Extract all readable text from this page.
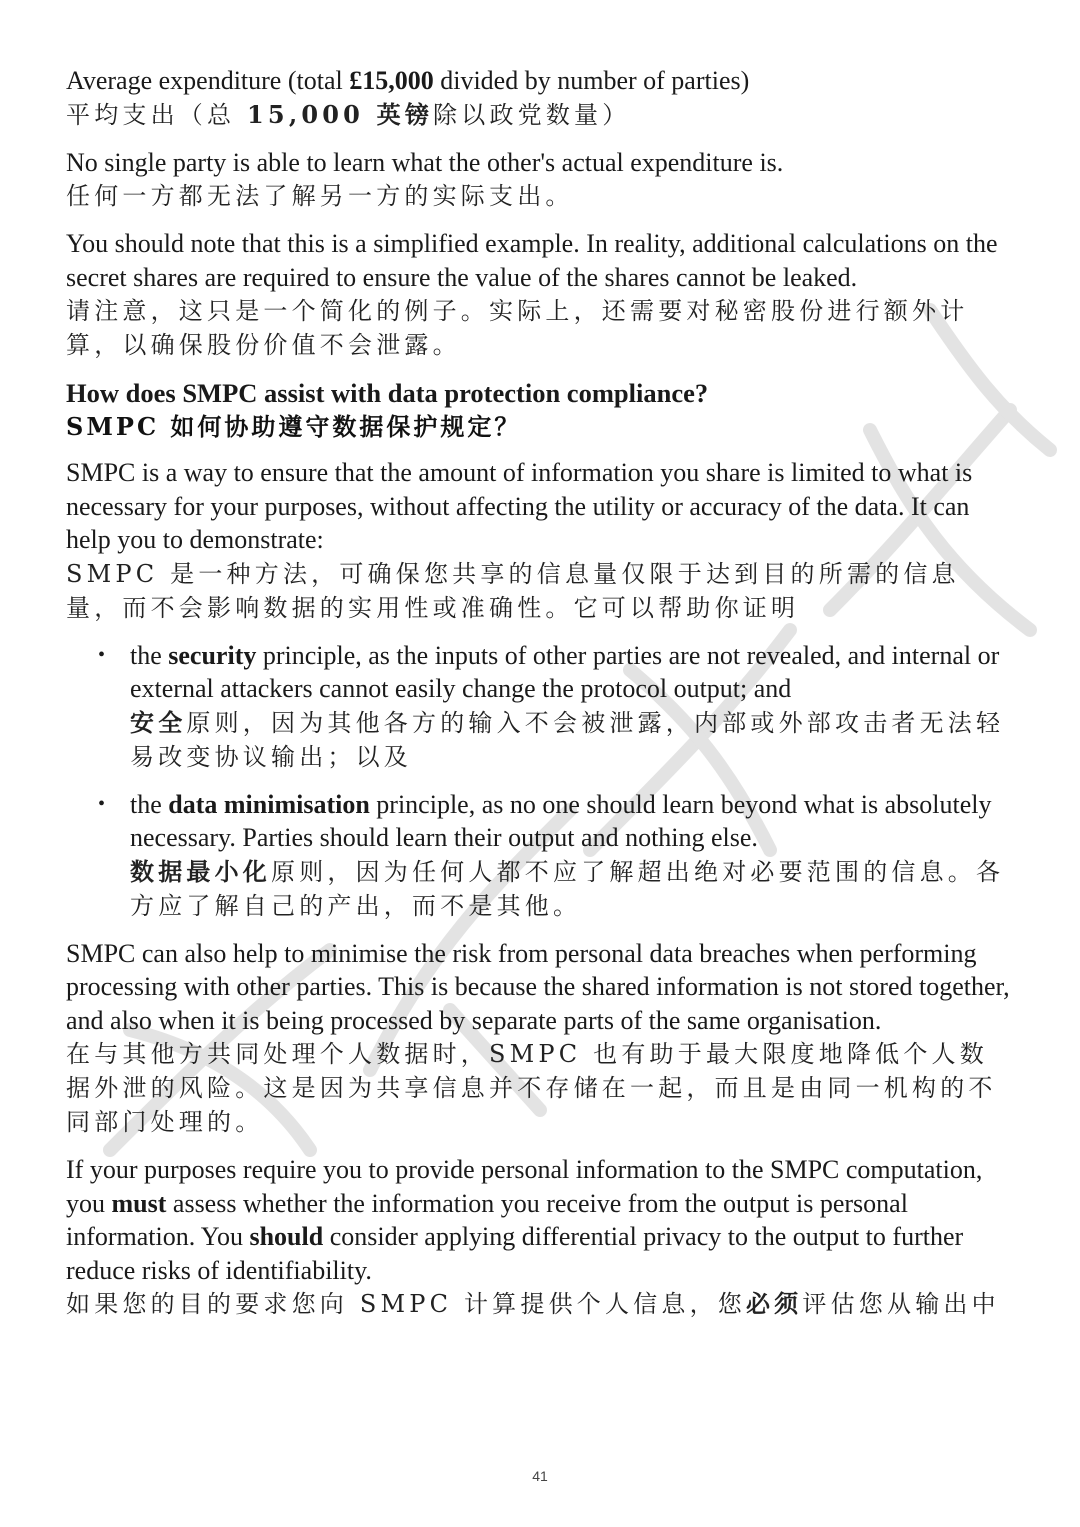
Average expenditure (total £15,000 divided by number of parties)
平均支出（总 15,000 英镑除以政党数量）

No single party is able to learn what the other's actual expenditure is.
任何一方都无法了解另一方的实际支出。

You should note that this is a simplified example. In reality, additional calculations on the secret shares are required to ensure the value of the shares cannot be leaked.
请注意，这只是一个简化的例子。实际上，还需要对秘密股份进行额外计算，以确保股份价值不会泄露。

How does SMPC assist with data protection compliance?
SMPC 如何协助遵守数据保护规定？

SMPC is a way to ensure that the amount of information you share is limited to what is necessary for your purposes, without affecting the utility or accuracy of the data. It can help you to demonstrate:
SMPC 是一种方法，可确保您共享的信息量仅限于达到目的所需的信息量，而不会影响数据的实用性或准确性。它可以帮助你证明

• the security principle, as the inputs of other parties are not revealed, and internal or external attackers cannot easily change the protocol output; and
安全原则，因为其他各方的输入不会被泄露，内部或外部攻击者无法轻易改变协议输出；以及
• the data minimisation principle, as no one should learn beyond what is absolutely necessary. Parties should learn their output and nothing else.
数据最小化原则，因为任何人都不应了解超出绝对必要范围的信息。各方应了解自己的产出，而不是其他。

SMPC can also help to minimise the risk from personal data breaches when performing processing with other parties. This is because the shared information is not stored together, and also when it is being processed by separate parts of the same organisation.
在与其他方共同处理个人数据时，SMPC 也有助于最大限度地降低个人数据外泄的风险。这是因为共享信息并不存储在一起，而且是由同一机构的不同部门处理的。

If your purposes require you to provide personal information to the SMPC computation, you must assess whether the information you receive from the output is personal information. You should consider applying differential privacy to the output to further reduce risks of identifiability.
如果您的目的要求您向 SMPC 计算提供个人信息，您必须评估您从输出中

41
